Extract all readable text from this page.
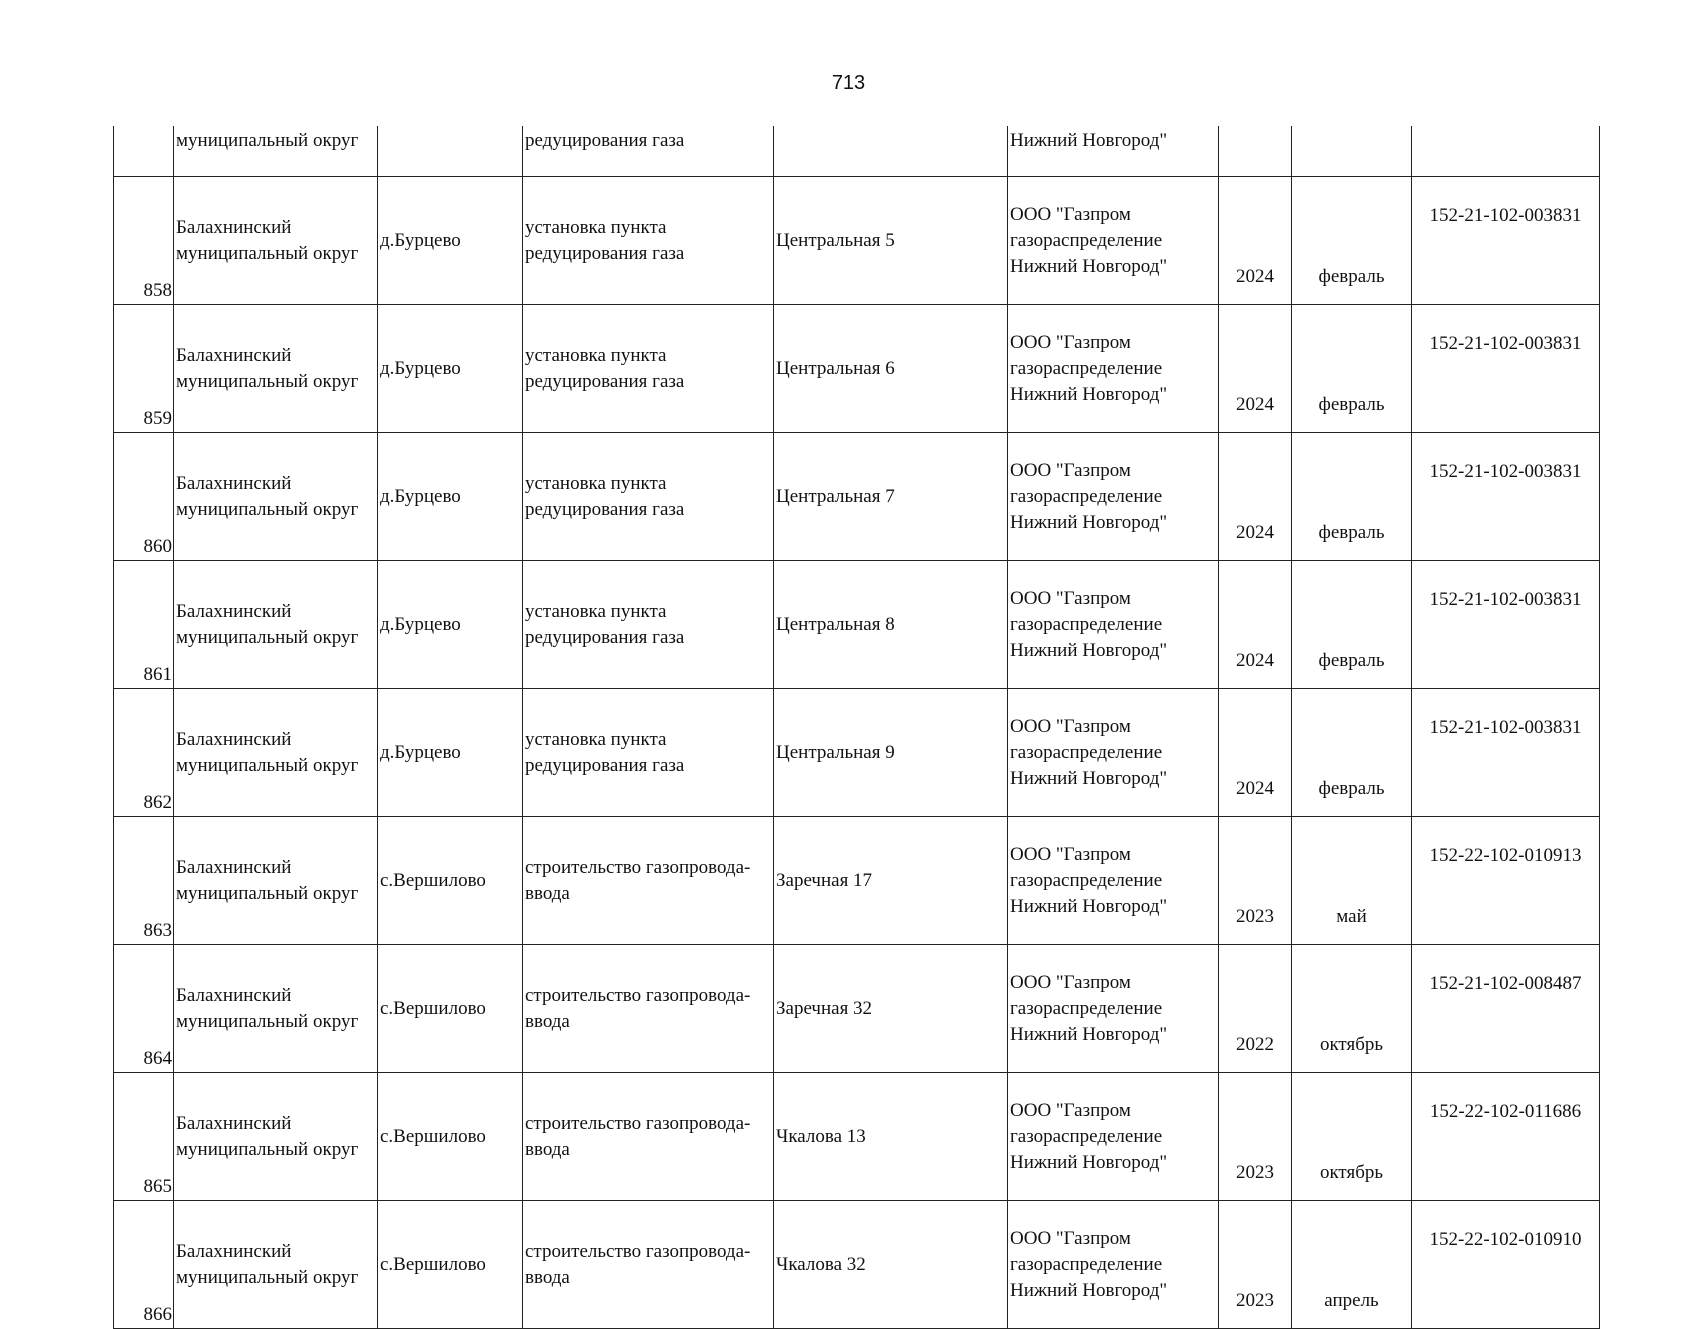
713

	муниципальный округ		редуцирования газа		Нижний Новгород"			

858	Балахнинский
муниципальный округ	д.Бурцево	установка пункта
редуцирования газа	Центральная 5	ООО "Газпром
газораспределение
Нижний Новгород"	2024	февраль	152-21-102-003831

859	Балахнинский
муниципальный округ	д.Бурцево	установка пункта
редуцирования газа	Центральная 6	ООО "Газпром
газораспределение
Нижний Новгород"	2024	февраль	152-21-102-003831

860	Балахнинский
муниципальный округ	д.Бурцево	установка пункта
редуцирования газа	Центральная 7	ООО "Газпром
газораспределение
Нижний Новгород"	2024	февраль	152-21-102-003831

861	Балахнинский
муниципальный округ	д.Бурцево	установка пункта
редуцирования газа	Центральная 8	ООО "Газпром
газораспределение
Нижний Новгород"	2024	февраль	152-21-102-003831

862	Балахнинский
муниципальный округ	д.Бурцево	установка пункта
редуцирования газа	Центральная 9	ООО "Газпром
газораспределение
Нижний Новгород"	2024	февраль	152-21-102-003831

863	Балахнинский
муниципальный округ	с.Вершилово	строительство газопровода-
ввода	Заречная 17	ООО "Газпром
газораспределение
Нижний Новгород"	2023	май	152-22-102-010913

864	Балахнинский
муниципальный округ	с.Вершилово	строительство газопровода-
ввода	Заречная 32	ООО "Газпром
газораспределение
Нижний Новгород"	2022	октябрь	152-21-102-008487

865	Балахнинский
муниципальный округ	с.Вершилово	строительство газопровода-
ввода	Чкалова 13	ООО "Газпром
газораспределение
Нижний Новгород"	2023	октябрь	152-22-102-011686

866	Балахнинский
муниципальный округ	с.Вершилово	строительство газопровода-
ввода	Чкалова 32	ООО "Газпром
газораспределение
Нижний Новгород"	2023	апрель	152-22-102-010910
